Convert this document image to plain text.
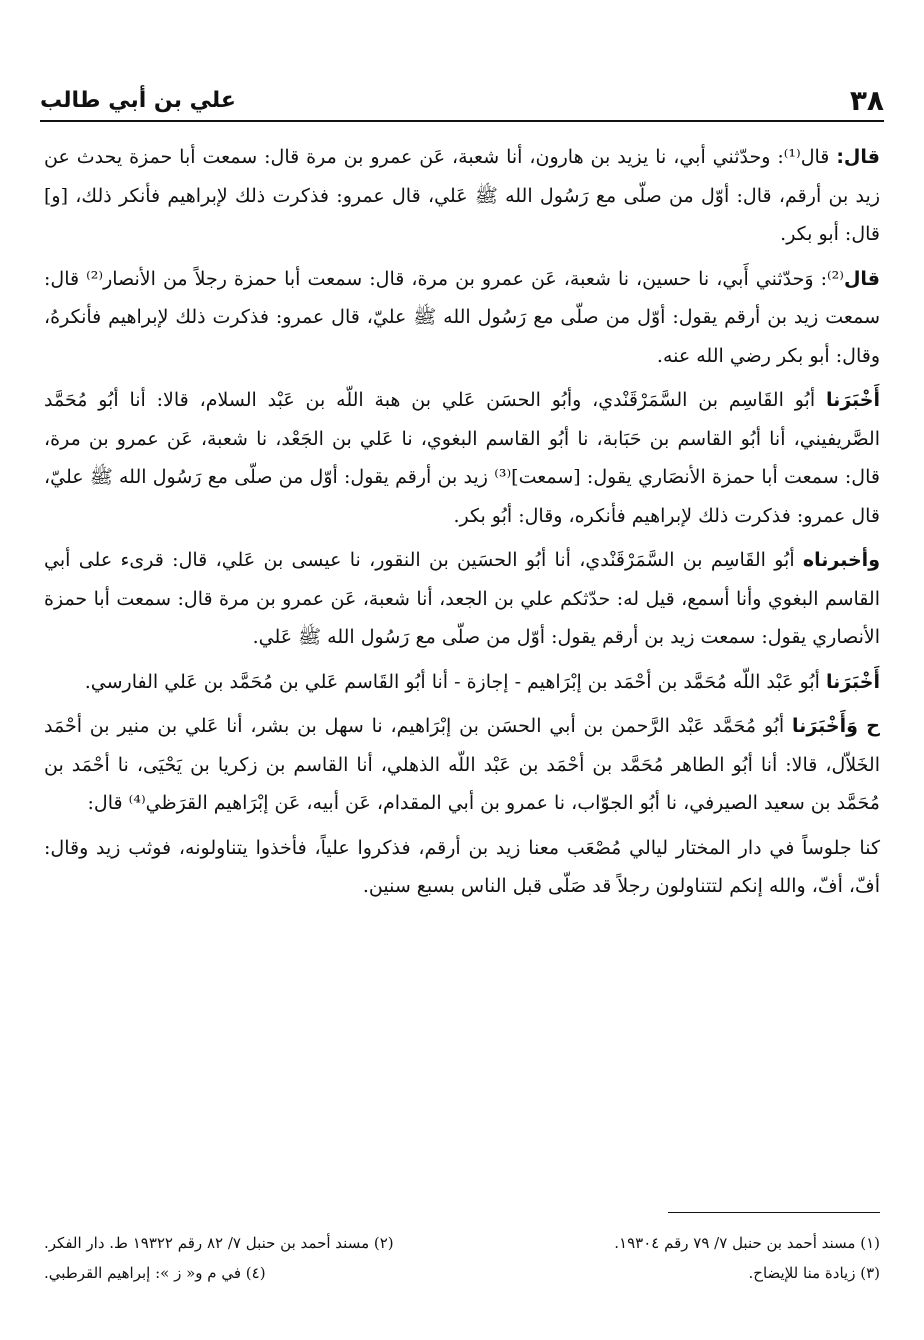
٣٨
علي بن أبي طالب

قال: قال⁽¹⁾: وحدّثني أبي، نا يزيد بن هارون، أنا شعبة، عَن عمرو بن مرة قال: سمعت أبا حمزة يحدث عن زيد بن أرقم، قال: أوّل من صلّى مع رَسُول الله ﷺ عَلي، قال عمرو: فذكرت ذلك لإبراهيم فأنكر ذلك، [و] قال: أبو بكر.

قال⁽²⁾: وَحدّثني أَبي، نا حسين، نا شعبة، عَن عمرو بن مرة، قال: سمعت أبا حمزة رجلاً من الأنصار⁽²⁾ قال: سمعت زيد بن أرقم يقول: أوّل من صلّى مع رَسُول الله ﷺ عليّ، قال عمرو: فذكرت ذلك لإبراهيم فأنكرهُ، وقال: أبو بكر رضي الله عنه.

أَخْبَرَنا أبُو القَاسِم بن السَّمَرْقَنْدي، وأبُو الحسَن عَلي بن هبة اللّه بن عَبْد السلام، قالا: أنا أبُو مُحَمَّد الصَّريفيني، أنا أبُو القاسم بن حَبَابة، نا أبُو القاسم البغوي، نا عَلي بن الجَعْد، نا شعبة، عَن عمرو بن مرة، قال: سمعت أبا حمزة الأنصَاري يقول: [سمعت]⁽³⁾ زيد بن أرقم يقول: أوّل من صلّى مع رَسُول الله ﷺ عليّ، قال عمرو: فذكرت ذلك لإبراهيم فأنكره، وقال: أبُو بكر.

وأخبرناه أبُو القَاسِم بن السَّمَرْقَنْدي، أنا أبُو الحسَين بن النقور، نا عيسى بن عَلي، قال: قرىء على أبي القاسم البغوي وأنا أسمع، قيل له: حدّثكم علي بن الجعد، أنا شعبة، عَن عمرو بن مرة قال: سمعت أبا حمزة الأنصاري يقول: سمعت زيد بن أرقم يقول: أوّل من صلّى مع رَسُول الله ﷺ عَلي.

أَخْبَرَنا أبُو عَبْد اللّه مُحَمَّد بن أحْمَد بن إبْرَاهيم - إجازة - أنا أبُو القَاسم عَلي بن مُحَمَّد بن عَلي الفارسي.

ح وَأَخْبَرَنا أبُو مُحَمَّد عَبْد الرَّحمن بن أبي الحسَن بن إبْرَاهيم، نا سهل بن بشر، أنا عَلي بن منير بن أحْمَد الخَلاّل، قالا: أنا أبُو الطاهر مُحَمَّد بن أحْمَد بن عَبْد اللّه الذهلي، أنا القاسم بن زكريا بن يَحْيَى، نا أحْمَد بن مُحَمَّد بن سعيد الصيرفي، نا أبُو الجوّاب، نا عمرو بن أبي المقدام، عَن أبيه، عَن إبْرَاهيم القرَظي⁽⁴⁾ قال:

كنا جلوساً في دار المختار ليالي مُصْعَب معنا زيد بن أرقم، فذكروا علياً، فأخذوا يتناولونه، فوثب زيد وقال: أفّ، أفّ، والله إنكم لتتناولون رجلاً قد صَلّى قبل الناس بسبع سنين.

(١) مسند أحمد بن حنبل ٧/ ٧٩ رقم ١٩٣٠٤.
(٢) مسند أحمد بن حنبل ٧/ ٨٢ رقم ١٩٣٢٢ ط. دار الفكر.
(٣) زيادة منا للإيضاح.
(٤) في م و« ز »: إبراهيم القرطبي.
